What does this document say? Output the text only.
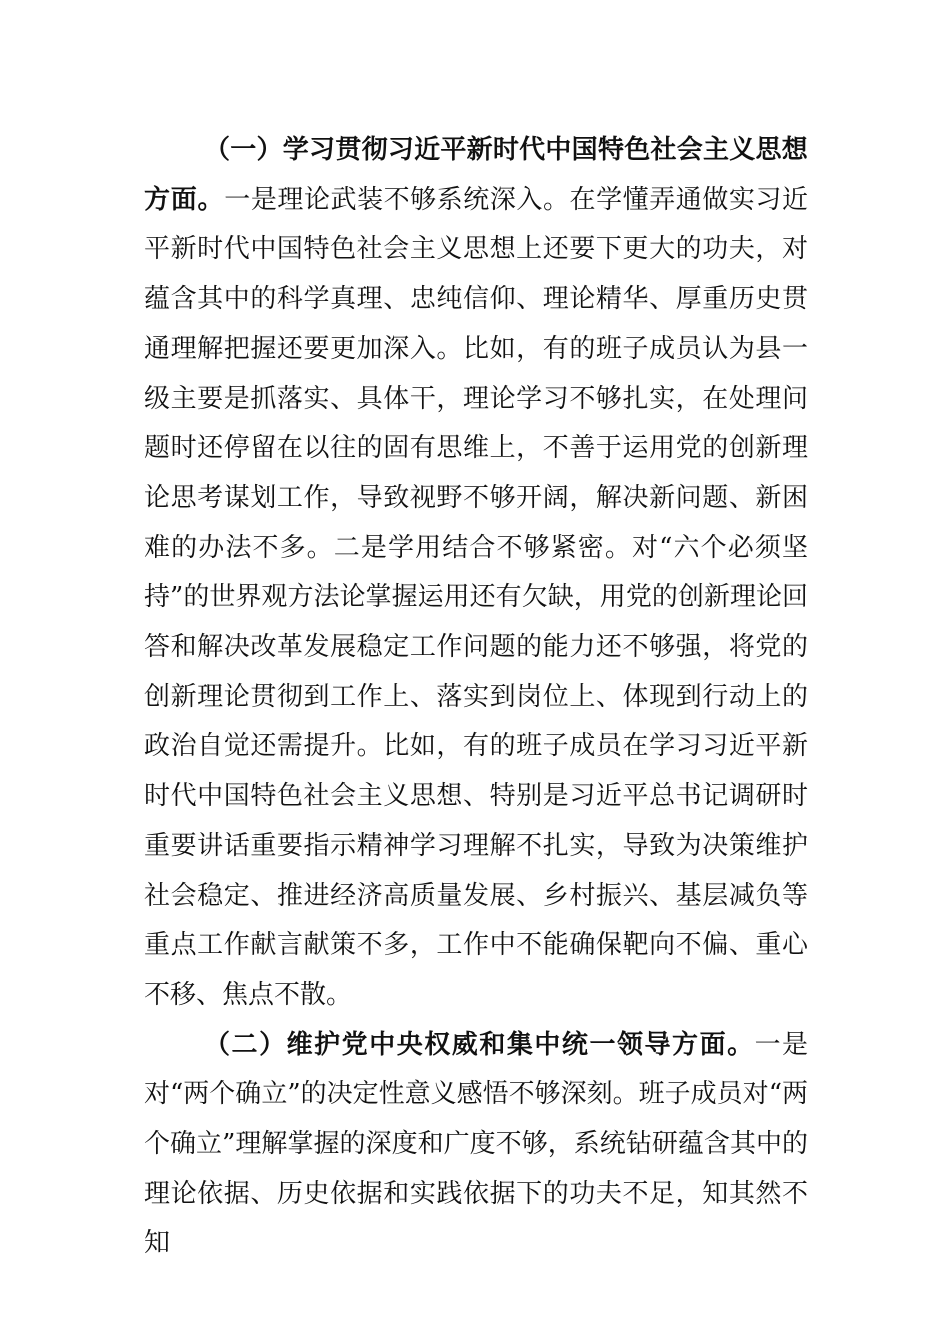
（一）学习贯彻习近平新时代中国特色社会主义思想方面。一是理论武装不够系统深入。在学懂弄通做实习近平新时代中国特色社会主义思想上还要下更大的功夫，对蕴含其中的科学真理、忠纯信仰、理论精华、厚重历史贯通理解把握还要更加深入。比如，有的班子成员认为县一级主要是抓落实、具体干，理论学习不够扎实，在处理问题时还停留在以往的固有思维上，不善于运用党的创新理论思考谋划工作，导致视野不够开阔，解决新问题、新困难的办法不多。二是学用结合不够紧密。对“六个必须坚持”的世界观方法论掌握运用还有欠缺，用党的创新理论回答和解决改革发展稳定工作问题的能力还不够强，将党的创新理论贯彻到工作上、落实到岗位上、体现到行动上的政治自觉还需提升。比如，有的班子成员在学习习近平新时代中国特色社会主义思想、特别是习近平总书记调研时重要讲话重要指示精神学习理解不扎实，导致为决策维护社会稳定、推进经济高质量发展、乡村振兴、基层减负等重点工作献言献策不多，工作中不能确保靶向不偏、重心不移、焦点不散。

（二）维护党中央权威和集中统一领导方面。一是对“两个确立”的决定性意义感悟不够深刻。班子成员对“两个确立”理解掌握的深度和广度不够，系统钻研蕴含其中的理论依据、历史依据和实践依据下的功夫不足，知其然不知
